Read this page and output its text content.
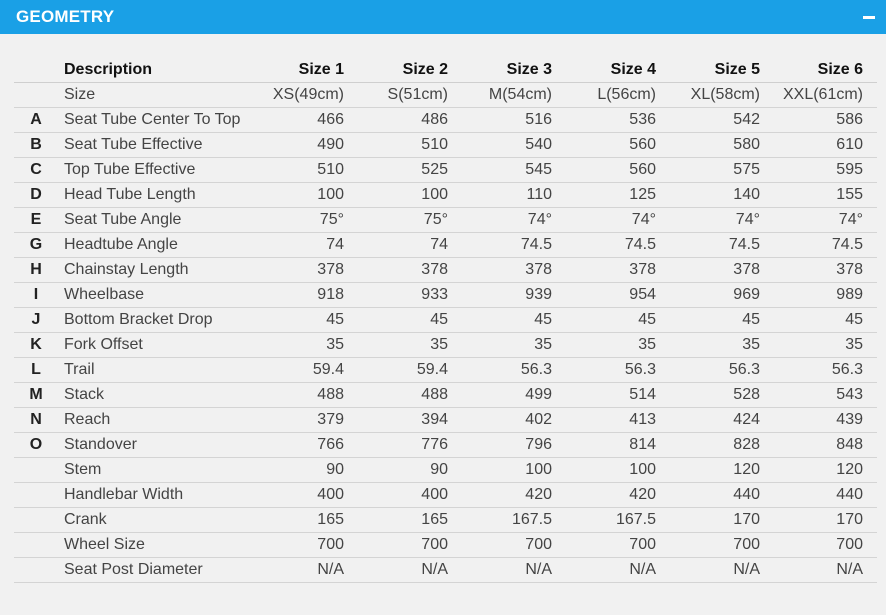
GEOMETRY
	Description	Size 1	Size 2	Size 3	Size 4	Size 5	Size 6
	Size	XS(49cm)	S(51cm)	M(54cm)	L(56cm)	XL(58cm)	XXL(61cm)
A	Seat Tube Center To Top	466	486	516	536	542	586
B	Seat Tube Effective	490	510	540	560	580	610
C	Top Tube Effective	510	525	545	560	575	595
D	Head Tube Length	100	100	110	125	140	155
E	Seat Tube Angle	75°	75°	74°	74°	74°	74°
G	Headtube Angle	74	74	74.5	74.5	74.5	74.5
H	Chainstay Length	378	378	378	378	378	378
I	Wheelbase	918	933	939	954	969	989
J	Bottom Bracket Drop	45	45	45	45	45	45
K	Fork Offset	35	35	35	35	35	35
L	Trail	59.4	59.4	56.3	56.3	56.3	56.3
M	Stack	488	488	499	514	528	543
N	Reach	379	394	402	413	424	439
O	Standover	766	776	796	814	828	848
	Stem	90	90	100	100	120	120
	Handlebar Width	400	400	420	420	440	440
	Crank	165	165	167.5	167.5	170	170
	Wheel Size	700	700	700	700	700	700
	Seat Post Diameter	N/A	N/A	N/A	N/A	N/A	N/A
